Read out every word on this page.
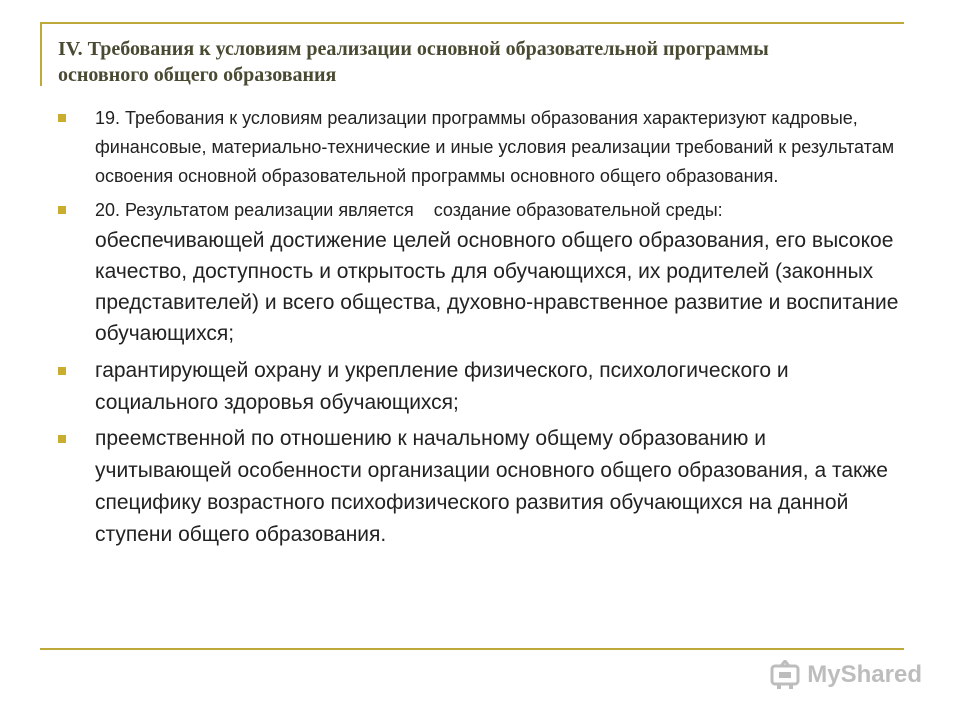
IV. Требования к условиям реализации основной образовательной программы основного общего образования
19. Требования к условиям реализации программы образования характеризуют кадровые, финансовые, материально-технические и иные условия реализации требований к результатам освоения основной образовательной программы основного общего образования.
20. Результатом реализации является    создание образовательной среды:
обеспечивающей достижение целей основного общего образования, его высокое качество, доступность и открытость для обучающихся, их родителей (законных представителей) и всего общества, духовно-нравственное развитие и воспитание обучающихся;
гарантирующей охрану и укрепление физического, психологического и социального здоровья обучающихся;
преемственной по отношению к начальному общему образованию и учитывающей особенности организации основного общего образования, а также специфику возрастного психофизического развития обучающихся на данной ступени общего образования.
MyShared
